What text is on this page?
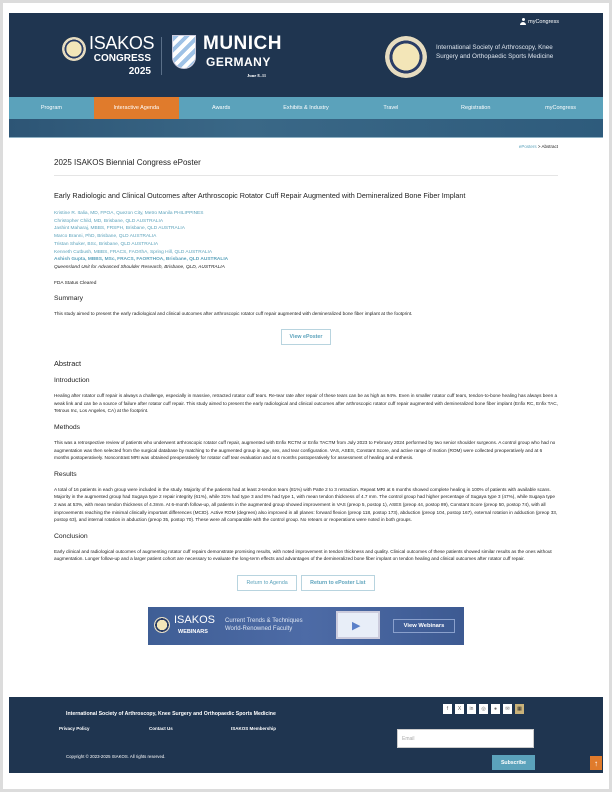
myCongress
ISAKOS
CONGRESS
2025
MUNICH
GERMANY
June 8–11
International Society of Arthroscopy, Knee Surgery and Orthopaedic Sports Medicine
Program	Interactive Agenda	Awards	Exhibits & Industry	Travel	Registration	myCongress
ePosters > Abstract
2025 ISAKOS Biennial Congress ePoster
Early Radiologic and Clinical Outcomes after Arthroscopic Rotator Cuff Repair Augmented with Demineralized Bone Fiber Implant
Kristine R. Italia, MD, FPOA, Quezon City, Metro Manila PHILIPPINES
Christopher Child, MD, Brisbane, QLD AUSTRALIA
Jashint Maharaj, MBBS, FRSPH, Brisbane, QLD AUSTRALIA
Marco Branni, PhD, Brisbane, QLD AUSTRALIA
Tristan Shuker, BSc, Brisbane, QLD AUSTRALIA
Kenneth Cutbush, MBBS, FRACS, FAOrthA, Spring Hill, QLD AUSTRALIA
Ashish Gupta, MBBS, MSc, FRACS, FAORTHOA, Brisbane, QLD AUSTRALIA
Queensland Unit for Advanced Shoulder Research, Brisbane, QLD, AUSTRALIA
FDA Status Cleared
Summary
This study aimed to present the early radiological and clinical outcomes after arthroscopic rotator cuff repair augmented with demineralized bone fiber implant at the footprint.
View ePoster
Abstract
Introduction
Healing after rotator cuff repair is always a challenge, especially in massive, retracted rotator cuff tears. Re-tear rate after repair of these tears can be as high as 94%. Even in smaller rotator cuff tears, tendon-to-bone healing has always been a weak link and can be a source of failure after rotator cuff repair. This study aimed to present the early radiological and clinical outcomes after arthroscopic rotator cuff repair augmented with demineralized bone fiber implant (Enfix RC, Enfix TAC, Tetrous Inc, Los Angeles, CA) at the footprint.
Methods
This was a retrospective review of patients who underwent arthroscopic rotator cuff repair, augmented with Enfix RCTM or Enfix TACTM from July 2023 to February 2024 performed by two senior shoulder surgeons. A control group who had no augmentation was then selected from the surgical database by matching to the augmented group in age, sex, and tear configuration. VAS, ASES, Constant Score, and active range of motion (ROM) were collected preoperatively and at 6 months postoperatively. Noncontrast MRI was obtained preoperatively for rotator cuff tear evaluation and at 6 months postoperatively for assessment of healing and enthesis.
Results
A total of 16 patients in each group were included in the study. Majority of the patients had at least 2-tendon tears (81%) with Patte 2 to 3 retraction. Repeat MRI at 6 months showed complete healing in 100% of patients with available scans. Majority in the augmented group had Sugaya type 2 repair integrity (61%), while 31% had type 3 and 8% had type 1, with mean tendon thickness of 4.7 mm. The control group had higher percentage of Sugaya type 3 (47%), while Sugaya type 2 was at 53%, with mean tendon thickness of 4.3mm. At 6-month follow-up, all patients in the augmented group showed improvement in VAS (preop 5, postop 1), ASES (preop 44, postop 89), Constant Score (preop 50, postop 74), with all improvements reaching the minimal clinically important differences (MCID). Active ROM (degrees) also improved in all planes: forward flexion (preop 118, postop 173), abduction (preop 104, postop 167), external rotation in adduction (preop 33, postop 63), and internal rotation in abduction (preop 35, postop 70). These were all comparable with the control group. No retears or reoperations were noted in both groups.
Conclusion
Early clinical and radiological outcomes of augmenting rotator cuff repairs demonstrate promising results, with noted improvement in tendon thickness and quality. Clinical outcomes of these patients showed similar results as the ones without augmentation. Longer follow-up and a larger patient cohort are necessary to evaluate the long-term effects and advantages of the demineralized bone fiber implant on tendon healing and clinical outcomes after rotator cuff repair.
Return to Agenda	Return to ePoster List
ISAKOS
WEBINARS
Current Trends & Techniques
World-Renowned Faculty ▶	View Webinars
International Society of Arthroscopy, Knee Surgery and Orthopaedic Sports Medicine
Privacy Policy	Contact Us	ISAKOS Membership
Copyright © 2023-2025 ISAKOS. All rights reserved.
f	X	in	◎	●	✉	▦
Email
Subscribe	↑
